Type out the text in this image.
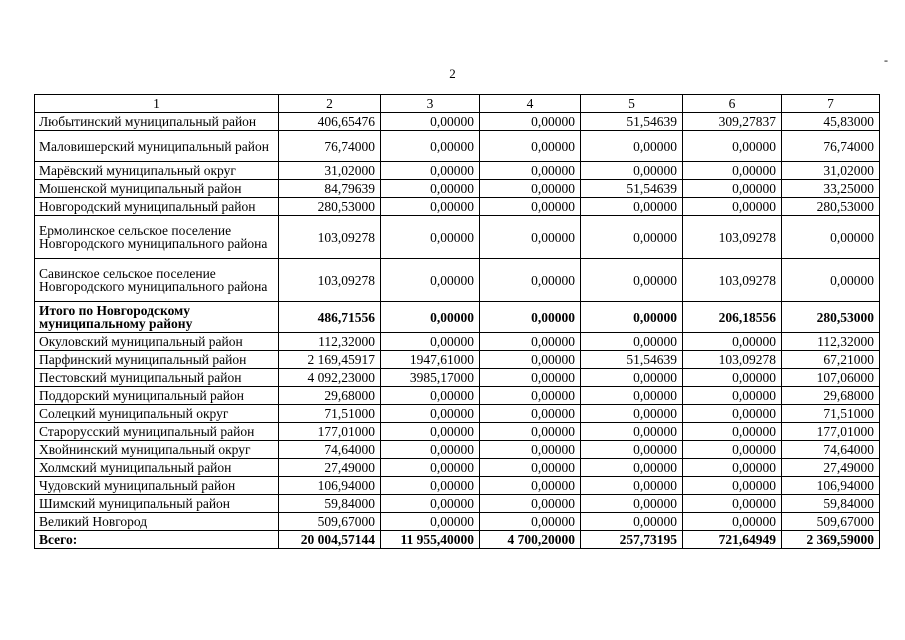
2
-
1	2	3	4	5	6	7
Любытинский муниципальный район	406,65476	0,00000	0,00000	51,54639	309,27837	45,83000
Маловишерский муниципальный район	76,74000	0,00000	0,00000	0,00000	0,00000	76,74000
Марёвский муниципальный округ	31,02000	0,00000	0,00000	0,00000	0,00000	31,02000
Мошенской муниципальный район	84,79639	0,00000	0,00000	51,54639	0,00000	33,25000
Новгородский муниципальный район	280,53000	0,00000	0,00000	0,00000	0,00000	280,53000
Ермолинское сельское поселение Новгородского муниципального района	103,09278	0,00000	0,00000	0,00000	103,09278	0,00000
Савинское сельское поселение Новгородского муниципального района	103,09278	0,00000	0,00000	0,00000	103,09278	0,00000
Итого по Новгородскому муниципальному району	486,71556	0,00000	0,00000	0,00000	206,18556	280,53000
Окуловский муниципальный район	112,32000	0,00000	0,00000	0,00000	0,00000	112,32000
Парфинский муниципальный район	2 169,45917	1947,61000	0,00000	51,54639	103,09278	67,21000
Пестовский муниципальный район	4 092,23000	3985,17000	0,00000	0,00000	0,00000	107,06000
Поддорский муниципальный район	29,68000	0,00000	0,00000	0,00000	0,00000	29,68000
Солецкий муниципальный округ	71,51000	0,00000	0,00000	0,00000	0,00000	71,51000
Старорусский муниципальный район	177,01000	0,00000	0,00000	0,00000	0,00000	177,01000
Хвойнинский муниципальный округ	74,64000	0,00000	0,00000	0,00000	0,00000	74,64000
Холмский муниципальный район	27,49000	0,00000	0,00000	0,00000	0,00000	27,49000
Чудовский муниципальный район	106,94000	0,00000	0,00000	0,00000	0,00000	106,94000
Шимский муниципальный район	59,84000	0,00000	0,00000	0,00000	0,00000	59,84000
Великий Новгород	509,67000	0,00000	0,00000	0,00000	0,00000	509,67000
Всего:	20 004,57144	11 955,40000	4 700,20000	257,73195	721,64949	2 369,59000
